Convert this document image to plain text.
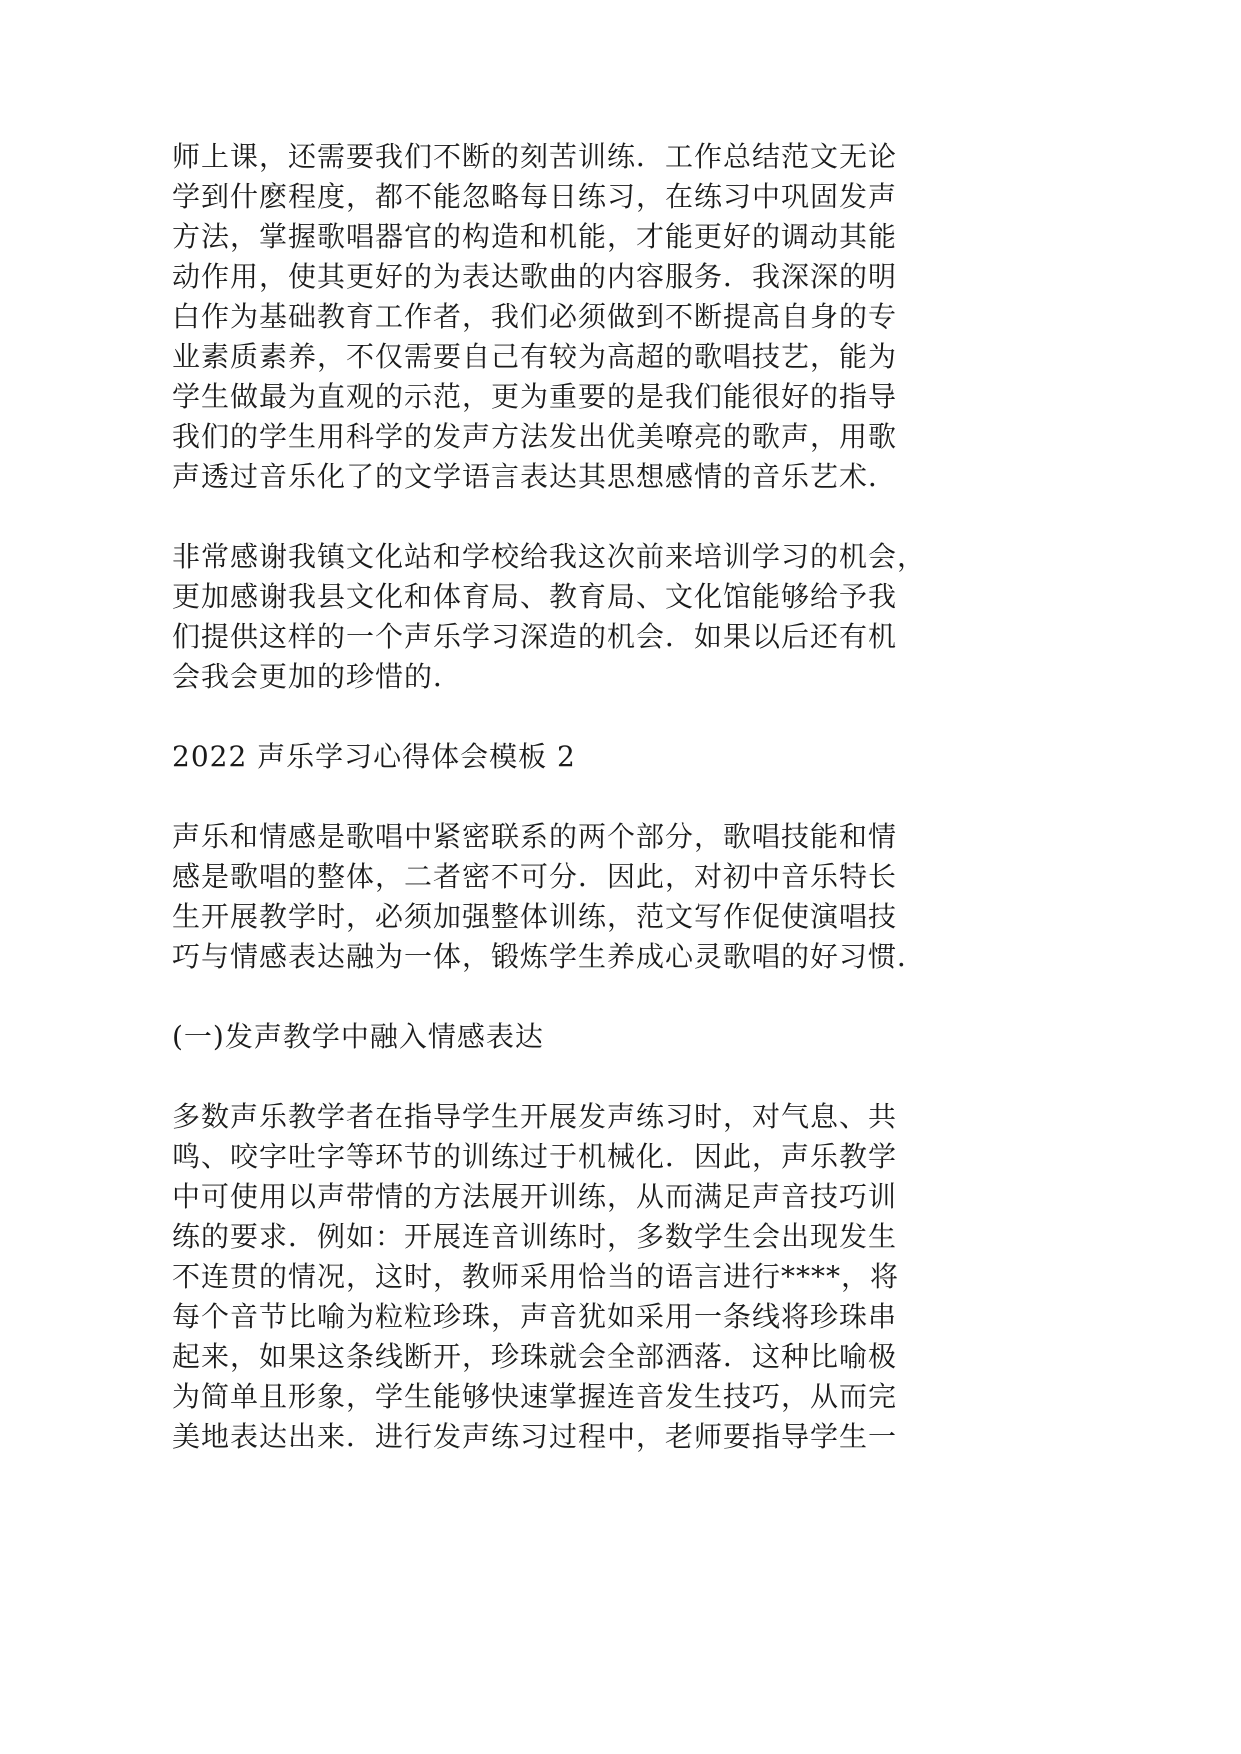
师上课，还需要我们不断的刻苦训练．工作总结范文无论
学到什麽程度，都不能忽略每日练习，在练习中巩固发声
方法，掌握歌唱器官的构造和机能，才能更好的调动其能
动作用，使其更好的为表达歌曲的内容服务．我深深的明
白作为基础教育工作者，我们必须做到不断提高自身的专
业素质素养，不仅需要自己有较为高超的歌唱技艺，能为
学生做最为直观的示范，更为重要的是我们能很好的指导
我们的学生用科学的发声方法发出优美嘹亮的歌声，用歌
声透过音乐化了的文学语言表达其思想感情的音乐艺术．
非常感谢我镇文化站和学校给我这次前来培训学习的机会，
更加感谢我县文化和体育局、教育局、文化馆能够给予我
们提供这样的一个声乐学习深造的机会．如果以后还有机
会我会更加的珍惜的．
2022 声乐学习心得体会模板 2
声乐和情感是歌唱中紧密联系的两个部分，歌唱技能和情
感是歌唱的整体，二者密不可分．因此，对初中音乐特长
生开展教学时，必须加强整体训练，范文写作促使演唱技
巧与情感表达融为一体，锻炼学生养成心灵歌唱的好习惯．
(一)发声教学中融入情感表达
多数声乐教学者在指导学生开展发声练习时，对气息、共
鸣、咬字吐字等环节的训练过于机械化．因此，声乐教学
中可使用以声带情的方法展开训练，从而满足声音技巧训
练的要求．例如：开展连音训练时，多数学生会出现发生
不连贯的情况，这时，教师采用恰当的语言进行****，将
每个音节比喻为粒粒珍珠，声音犹如采用一条线将珍珠串
起来，如果这条线断开，珍珠就会全部洒落．这种比喻极
为简单且形象，学生能够快速掌握连音发生技巧，从而完
美地表达出来．进行发声练习过程中，老师要指导学生一
